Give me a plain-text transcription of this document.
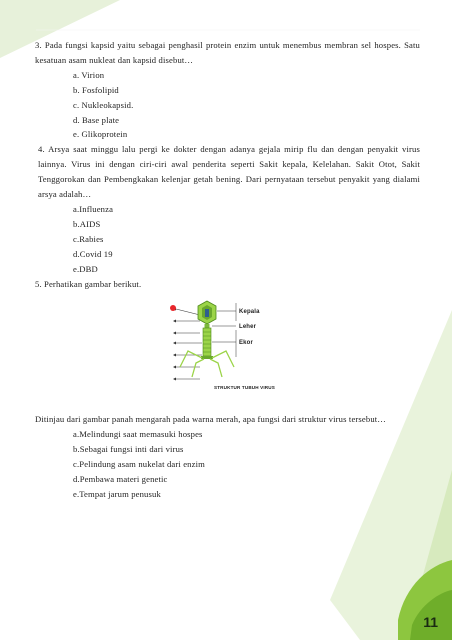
3. Pada fungsi kapsid yaitu sebagai penghasil protein enzim untuk menembus membran sel hospes. Satu kesatuan asam nukleat dan kapsid disebut…

a. Virion

b. Fosfolipid

c. Nukleokapsid.

d. Base plate

e. Glikoprotein

4. Arsya saat minggu lalu pergi ke dokter dengan adanya gejala mirip flu dan dengan penyakit virus lainnya. Virus ini dengan ciri-ciri awal penderita seperti Sakit kepala, Kelelahan. Sakit Otot, Sakit Tenggorokan dan Pembengkakan kelenjar getah bening. Dari pernyataan tersebut penyakit yang dialami arsya adalah…

a.Influenza

b.AIDS

c.Rabies

d.Covid 19

e.DBD

5. Perhatikan gambar berikut.

Kepala
Leher
Ekor
STRUKTUR TUBUH VIRUS

Ditinjau dari gambar panah mengarah pada warna merah, apa fungsi dari struktur virus tersebut…

a.Melindungi saat memasuki hospes

b.Sebagai fungsi inti dari virus

c.Pelindung asam nukelat dari enzim

d.Pembawa materi genetic

e.Tempat jarum penusuk

11
